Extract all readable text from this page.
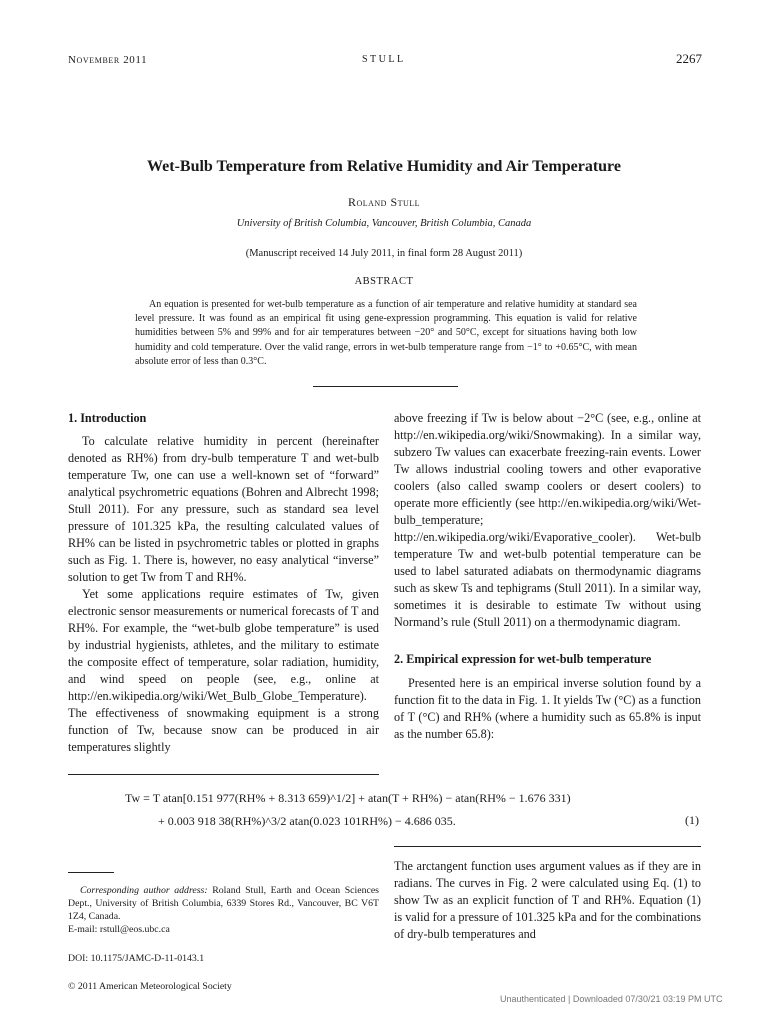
November 2011	STULL	2267
Wet-Bulb Temperature from Relative Humidity and Air Temperature
Roland Stull
University of British Columbia, Vancouver, British Columbia, Canada
(Manuscript received 14 July 2011, in final form 28 August 2011)
ABSTRACT
An equation is presented for wet-bulb temperature as a function of air temperature and relative humidity at standard sea level pressure. It was found as an empirical fit using gene-expression programming. This equation is valid for relative humidities between 5% and 99% and for air temperatures between −20° and 50°C, except for situations having both low humidity and cold temperature. Over the valid range, errors in wet-bulb temperature range from −1° to +0.65°C, with mean absolute error of less than 0.3°C.
1. Introduction

To calculate relative humidity in percent (hereinafter denoted as RH%) from dry-bulb temperature T and wet-bulb temperature Tw, one can use a well-known set of “forward” analytical psychrometric equations (Bohren and Albrecht 1998; Stull 2011). For any pressure, such as standard sea level pressure of 101.325 kPa, the resulting calculated values of RH% can be listed in psychrometric tables or plotted in graphs such as Fig. 1. There is, however, no easy analytical “inverse” solution to get Tw from T and RH%.

Yet some applications require estimates of Tw, given electronic sensor measurements or numerical forecasts of T and RH%. For example, the “wet-bulb globe temperature” is used by industrial hygienists, athletes, and the military to estimate the composite effect of temperature, solar radiation, humidity, and wind speed on people (see, e.g., online at http://en.wikipedia.org/wiki/Wet_Bulb_Globe_Temperature). The effectiveness of snowmaking equipment is a strong function of Tw, because snow can be produced in air temperatures slightly

above freezing if Tw is below about −2°C (see, e.g., online at http://en.wikipedia.org/wiki/Snowmaking). In a similar way, subzero Tw values can exacerbate freezing-rain events. Lower Tw allows industrial cooling towers and other evaporative coolers (also called swamp coolers or desert coolers) to operate more efficiently (see http://en.wikipedia.org/wiki/Wet-bulb_temperature; http://en.wikipedia.org/wiki/Evaporative_cooler). Wet-bulb temperature Tw and wet-bulb potential temperature can be used to label saturated adiabats on thermodynamic diagrams such as skew Ts and tephigrams (Stull 2011). In a similar way, sometimes it is desirable to estimate Tw without using Normand’s rule (Stull 2011) on a thermodynamic diagram.

2. Empirical expression for wet-bulb temperature

Presented here is an empirical inverse solution found by a function fit to the data in Fig. 1. It yields Tw (°C) as a function of T (°C) and RH% (where a humidity such as 65.8% is input as the number 65.8):

Tw = T atan[0.151 977(RH% + 8.313 659)^1/2] + atan(T + RH%) − atan(RH% − 1.676 331)
+ 0.003 918 38(RH%)^3/2 atan(0.023 101RH%) − 4.686 035.	(1)

The arctangent function uses argument values as if they are in radians. The curves in Fig. 2 were calculated using Eq. (1) to show Tw as an explicit function of T and RH%. Equation (1) is valid for a pressure of 101.325 kPa and for the combinations of dry-bulb temperatures and

Corresponding author address: Roland Stull, Earth and Ocean Sciences Dept., University of British Columbia, 6339 Stores Rd., Vancouver, BC V6T 1Z4, Canada.
E-mail: rstull@eos.ubc.ca
DOI: 10.1175/JAMC-D-11-0143.1
© 2011 American Meteorological Society
Unauthenticated | Downloaded 07/30/21 03:19 PM UTC
